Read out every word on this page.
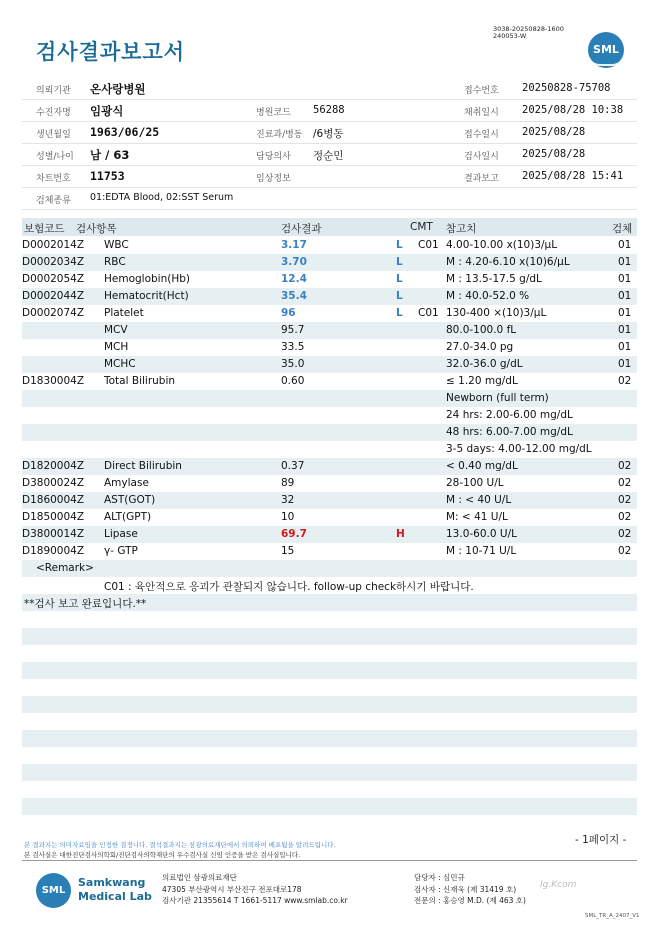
검사결과보고서
3038-20250828-1600
240053-W
SML
의뢰기관 온사랑병원	접수번호 20250828-75708
수진자명 임광식	병원코드 56288	채취일시 2025/08/28 10:38
생년월일 1963/06/25	진료과/병동 /6병동	접수일시 2025/08/28
성별/나이 남 / 63	담당의사 정순민	검사일시 2025/08/28
차트번호 11753	임상정보	결과보고 2025/08/28 15:41
검체종류 01:EDTA Blood, 02:SST Serum
보험코드 검사항목	검사결과	CMT 참고치	검체
D0002014Z WBC	3.17	L C01 4.00-10.00 x(10)3/μL	01
D0002034Z RBC	3.70	L	M : 4.20-6.10 x(10)6/μL	01
D0002054Z Hemoglobin(Hb)	12.4	L	M : 13.5-17.5 g/dL	01
D0002044Z Hematocrit(Hct)	35.4	L	M : 40.0-52.0 %	01
D0002074Z Platelet	96	L C01 130-400 ×(10)3/μL	01
MCV	95.7	80.0-100.0 fL	01
MCH	33.5	27.0-34.0 pg	01
MCHC	35.0	32.0-36.0 g/dL	01
D1830004Z Total Bilirubin	0.60	≤ 1.20 mg/dL	02
Newborn (full term)
24 hrs: 2.00-6.00 mg/dL
48 hrs: 6.00-7.00 mg/dL
3-5 days: 4.00-12.00 mg/dL
D1820004Z Direct Bilirubin	0.37	< 0.40 mg/dL	02
D3800024Z Amylase	89	28-100 U/L	02
D1860004Z AST(GOT)	32	M : < 40 U/L	02
D1850004Z ALT(GPT)	10	M: < 41 U/L	02
D3800014Z Lipase	69.7	H	13.0-60.0 U/L	02
D1890004Z γ- GTP	15	M : 10-71 U/L	02
<Remark>
C01 : 육안적으로 응괴가 관찰되지 않습니다. follow-up check하시기 바랍니다.
**검사 보고 완료입니다.**
- 1페이지 -
본 결과지는 의미자료임을 인정한 결정니다. 결석결과지는 삼광의료재단에서 의뢰하여 배포됨을 알려드립니다.
본 검사실은 대한진단검사의학회/진단검사의학재단의 우수검사실 신임 인증을 받은 검사실입니다.
SML
Samkwang
Medical Lab
의료법인 삼광의료재단
47305 부산광역시 부산진구 전포대로178
검사기관 21355614 T 1661-5117 www.smlab.co.kr
담당자 : 심민규
검사자 : 신재욱 (제 31419 호)
전문의 : 홍승영 M.D. (제 463 호)
Ig.Kcom
SML_TR_A_2407_V1
